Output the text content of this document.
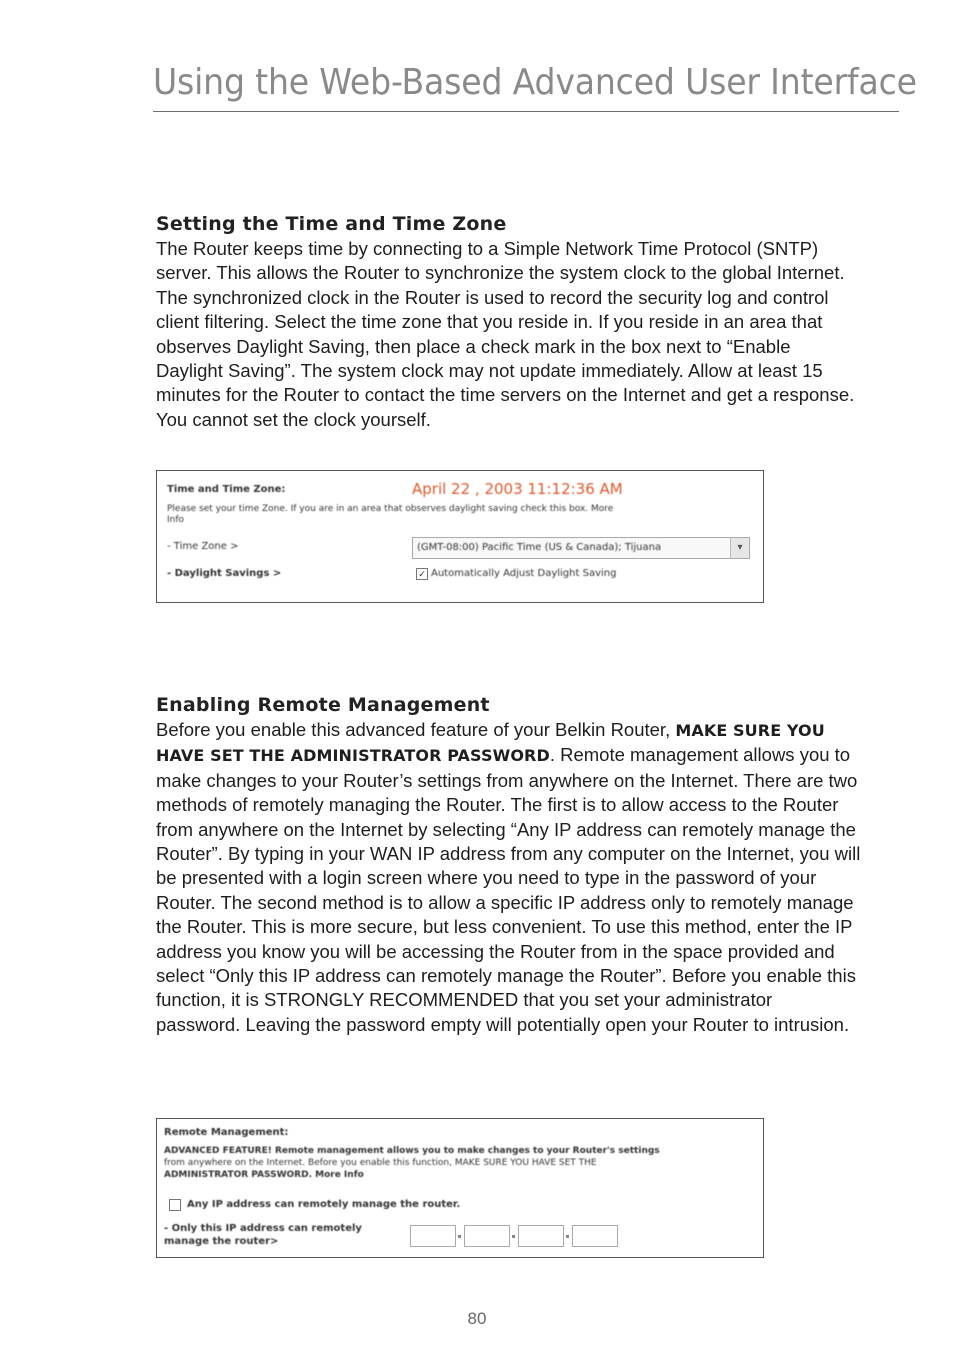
Using the Web-Based Advanced User Interface
Setting the Time and Time Zone

The Router keeps time by connecting to a Simple Network Time Protocol (SNTP) server. This allows the Router to synchronize the system clock to the global Internet. The synchronized clock in the Router is used to record the security log and control client filtering. Select the time zone that you reside in. If you reside in an area that observes Daylight Saving, then place a check mark in the box next to “Enable Daylight Saving”. The system clock may not update immediately. Allow at least 15 minutes for the Router to contact the time servers on the Internet and get a response. You cannot set the clock yourself.

Time and Time Zone:	April 22 , 2003 11:12:36 AM
Please set your time Zone. If you are in an area that observes daylight saving check this box. More
Info
- Time Zone >	(GMT-08:00) Pacific Time (US & Canada); Tijuana	▾
- Daylight Savings >	✓ Automatically Adjust Daylight Saving
Enabling Remote Management

Before you enable this advanced feature of your Belkin Router, MAKE SURE YOU HAVE SET THE ADMINISTRATOR PASSWORD. Remote management allows you to make changes to your Router’s settings from anywhere on the Internet. There are two methods of remotely managing the Router. The first is to allow access to the Router from anywhere on the Internet by selecting “Any IP address can remotely manage the Router”. By typing in your WAN IP address from any computer on the Internet, you will be presented with a login screen where you need to type in the password of your Router. The second method is to allow a specific IP address only to remotely manage the Router. This is more secure, but less convenient. To use this method, enter the IP address you know you will be accessing the Router from in the space provided and select “Only this IP address can remotely manage the Router”. Before you enable this function, it is STRONGLY RECOMMENDED that you set your administrator password. Leaving the password empty will potentially open your Router to intrusion.

Remote Management:
ADVANCED FEATURE! Remote management allows you to make changes to your Router's settings
from anywhere on the Internet. Before you enable this function, MAKE SURE YOU HAVE SET THE
ADMINISTRATOR PASSWORD. More Info
Any IP address can remotely manage the router.
- Only this IP address can remotely
manage the router>
80
